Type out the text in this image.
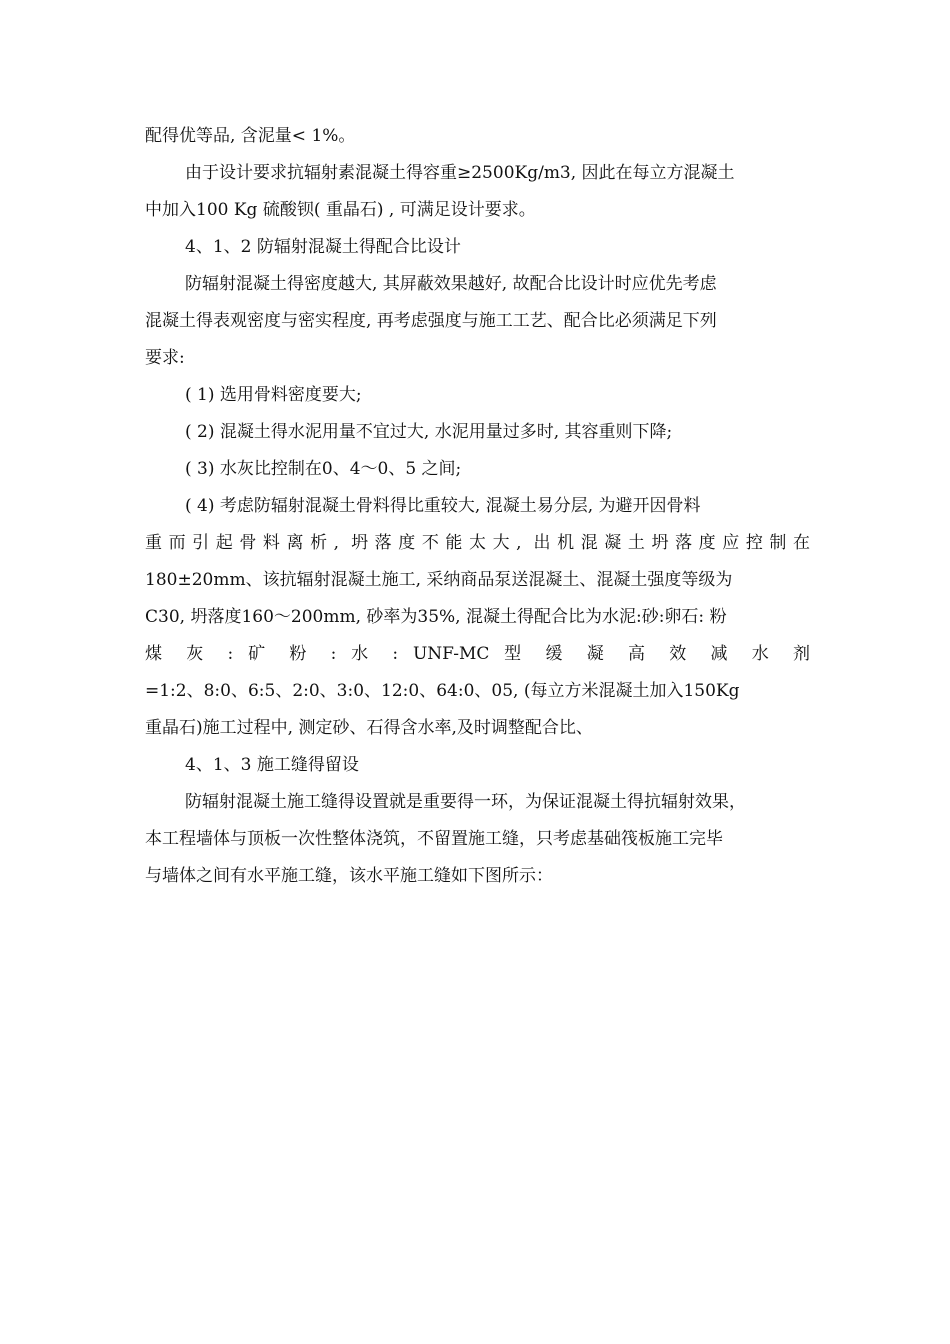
配得优等品, 含泥量< 1%。
由于设计要求抗辐射素混凝土得容重≥2500Kg/m3, 因此在每立方混凝土
中加入100 Kg 硫酸钡( 重晶石) , 可满足设计要求。
4、1、2 防辐射混凝土得配合比设计
防辐射混凝土得密度越大, 其屏蔽效果越好, 故配合比设计时应优先考虑
混凝土得表观密度与密实程度, 再考虑强度与施工工艺、配合比必须满足下列
要求:
( 1) 选用骨料密度要大;
( 2) 混凝土得水泥用量不宜过大, 水泥用量过多时, 其容重则下降;
( 3) 水灰比控制在0、4～0、5 之间;
( 4) 考虑防辐射混凝土骨料得比重较大, 混凝土易分层, 为避开因骨料
重而引起骨料离析, 坍落度不能太大, 出机混凝土坍落度应控制在
180±20mm、该抗辐射混凝土施工, 采纳商品泵送混凝土、混凝土强度等级为
C30, 坍落度160～200mm, 砂率为35%, 混凝土得配合比为水泥:砂:卵石: 粉
煤 灰 : 矿 粉 : 水 : UNF-MC 型 缓 凝 高 效 减 水 剂
=1:2、8:0、6:5、2:0、3:0、12:0、64:0、05, (每立方米混凝土加入150Kg
重晶石)施工过程中, 测定砂、石得含水率,及时调整配合比、
4、1、3 施工缝得留设
防辐射混凝土施工缝得设置就是重要得一环，为保证混凝土得抗辐射效果，
本工程墙体与顶板一次性整体浇筑，不留置施工缝，只考虑基础筏板施工完毕
与墙体之间有水平施工缝，该水平施工缝如下图所示：
